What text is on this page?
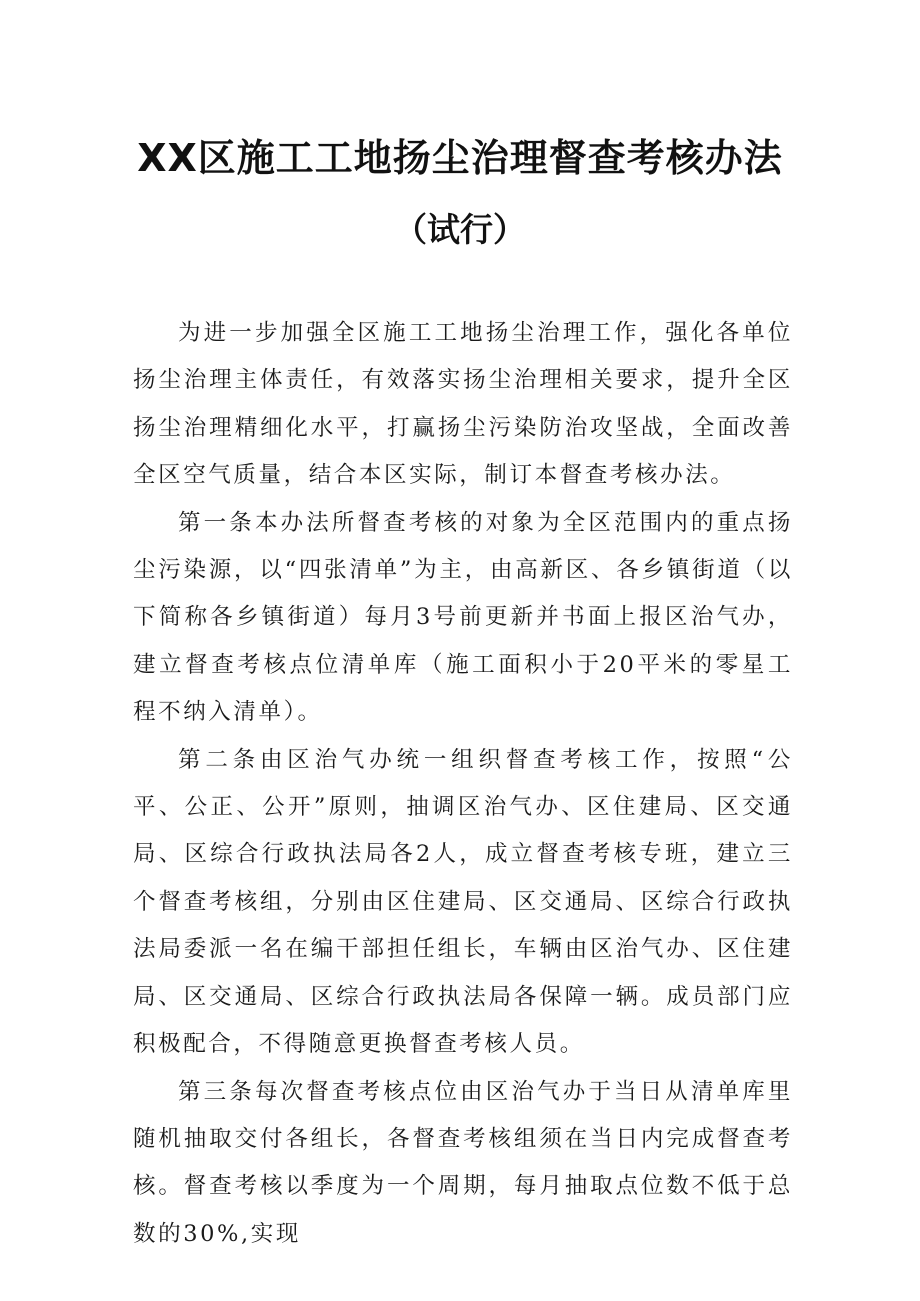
XX区施工工地扬尘治理督查考核办法
（试行）

为进一步加强全区施工工地扬尘治理工作，强化各单位扬尘治理主体责任，有效落实扬尘治理相关要求，提升全区扬尘治理精细化水平，打赢扬尘污染防治攻坚战，全面改善全区空气质量，结合本区实际，制订本督查考核办法。

第一条本办法所督查考核的对象为全区范围内的重点扬尘污染源，以“四张清单”为主，由高新区、各乡镇街道（以下简称各乡镇街道）每月3号前更新并书面上报区治气办，建立督查考核点位清单库（施工面积小于20平米的零星工程不纳入清单）。

第二条由区治气办统一组织督查考核工作，按照“公平、公正、公开”原则，抽调区治气办、区住建局、区交通局、区综合行政执法局各2人，成立督查考核专班，建立三个督查考核组，分别由区住建局、区交通局、区综合行政执法局委派一名在编干部担任组长，车辆由区治气办、区住建局、区交通局、区综合行政执法局各保障一辆。成员部门应积极配合，不得随意更换督查考核人员。

第三条每次督查考核点位由区治气办于当日从清单库里随机抽取交付各组长，各督查考核组须在当日内完成督查考核。督查考核以季度为一个周期，每月抽取点位数不低于总数的30%,实现
